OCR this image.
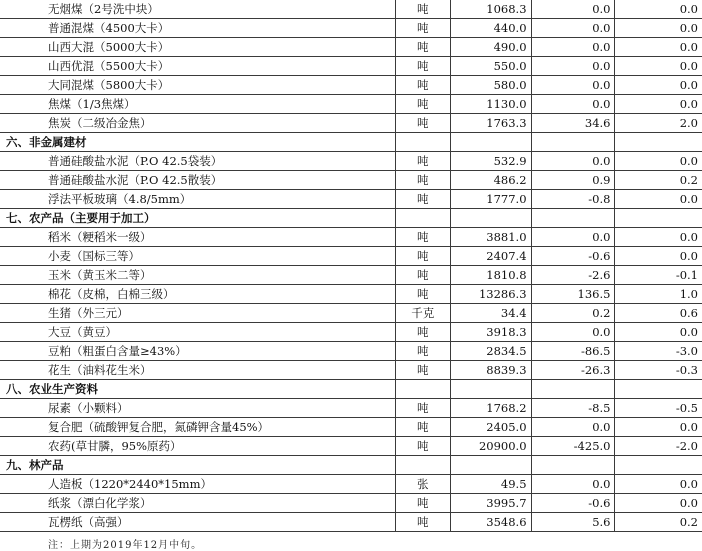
无烟煤（2号洗中块）	吨	1068.3	0.0	0.0
普通混煤（4500大卡）	吨	440.0	0.0	0.0
山西大混（5000大卡）	吨	490.0	0.0	0.0
山西优混（5500大卡）	吨	550.0	0.0	0.0
大同混煤（5800大卡）	吨	580.0	0.0	0.0
焦煤（1/3焦煤）	吨	1130.0	0.0	0.0
焦炭（二级冶金焦）	吨	1763.3	34.6	2.0
六、非金属建材				
普通硅酸盐水泥（P.O 42.5袋装）	吨	532.9	0.0	0.0
普通硅酸盐水泥（P.O 42.5散装）	吨	486.2	0.9	0.2
浮法平板玻璃（4.8/5mm）	吨	1777.0	-0.8	0.0
七、农产品（主要用于加工）				
稻米（粳稻米一级）	吨	3881.0	0.0	0.0
小麦（国标三等）	吨	2407.4	-0.6	0.0
玉米（黄玉米二等）	吨	1810.8	-2.6	-0.1
棉花（皮棉，白棉三级）	吨	13286.3	136.5	1.0
生猪（外三元）	千克	34.4	0.2	0.6
大豆（黄豆）	吨	3918.3	0.0	0.0
豆粕（粗蛋白含量≥43%）	吨	2834.5	-86.5	-3.0
花生（油料花生米）	吨	8839.3	-26.3	-0.3
八、农业生产资料				
尿素（小颗料）	吨	1768.2	-8.5	-0.5
复合肥（硫酸钾复合肥，氮磷钾含量45%）	吨	2405.0	0.0	0.0
农药(草甘膦，95%原药）	吨	20900.0	-425.0	-2.0
九、林产品				
人造板（1220*2440*15mm）	张	49.5	0.0	0.0
纸浆（漂白化学浆）	吨	3995.7	-0.6	0.0
瓦楞纸（高强）	吨	3548.6	5.6	0.2
注：上期为2019年12月中旬。
